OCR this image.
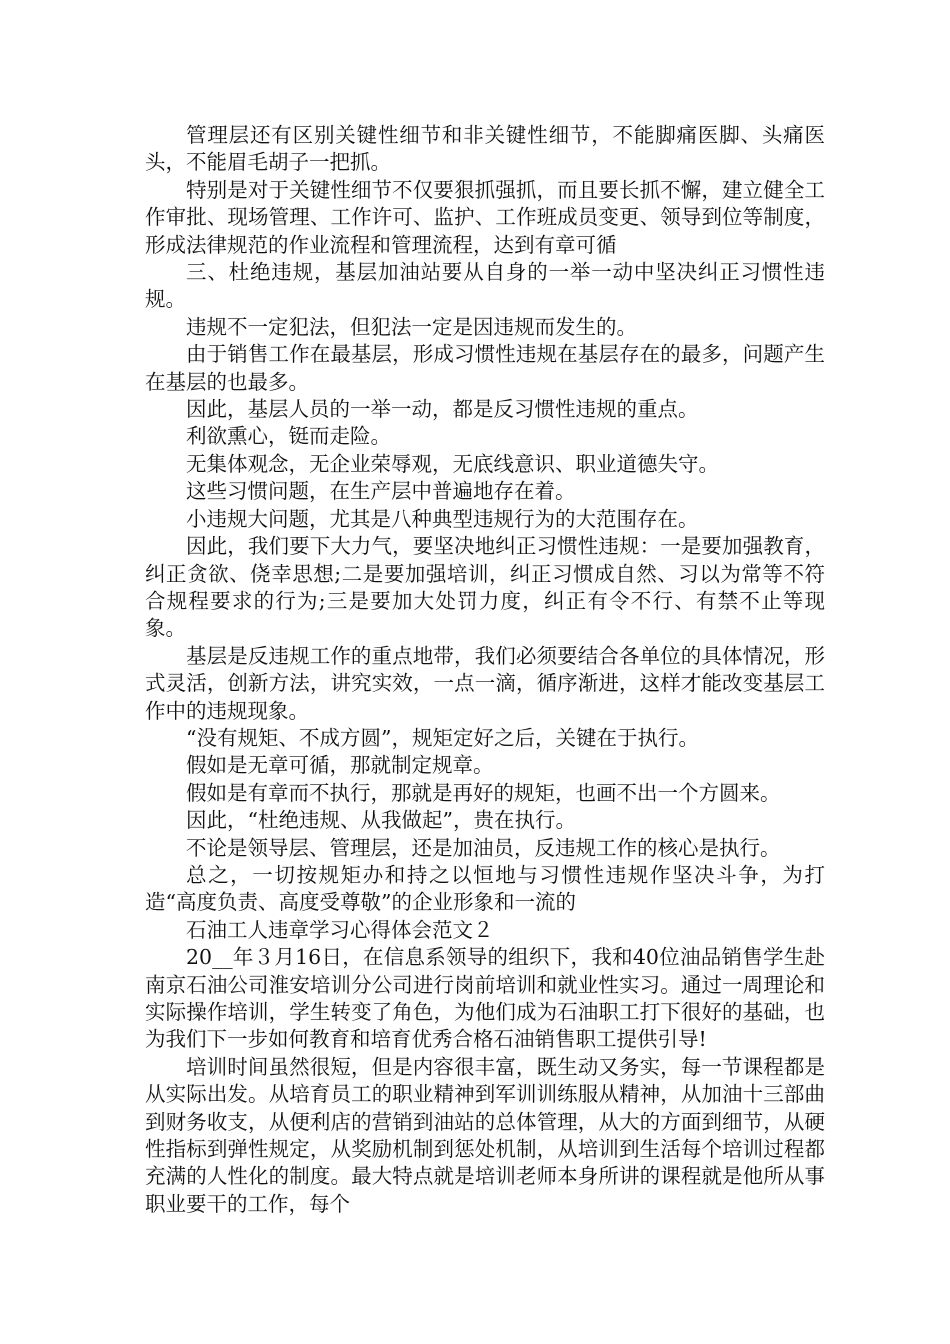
管理层还有区别关键性细节和非关键性细节，不能脚痛医脚、头痛医头，不能眉毛胡子一把抓。

特别是对于关键性细节不仅要狠抓强抓，而且要长抓不懈，建立健全工作审批、现场管理、工作许可、监护、工作班成员变更、领导到位等制度，形成法律规范的作业流程和管理流程，达到有章可循

三、杜绝违规，基层加油站要从自身的一举一动中坚决纠正习惯性违规。

违规不一定犯法，但犯法一定是因违规而发生的。

由于销售工作在最基层，形成习惯性违规在基层存在的最多，问题产生在基层的也最多。

因此，基层人员的一举一动，都是反习惯性违规的重点。

利欲熏心，铤而走险。

无集体观念，无企业荣辱观，无底线意识、职业道德失守。

这些习惯问题，在生产层中普遍地存在着。

小违规大问题，尤其是八种典型违规行为的大范围存在。

因此，我们要下大力气，要坚决地纠正习惯性违规：一是要加强教育，纠正贪欲、侥幸思想;二是要加强培训，纠正习惯成自然、习以为常等不符合规程要求的行为;三是要加大处罚力度，纠正有令不行、有禁不止等现象。

基层是反违规工作的重点地带，我们必须要结合各单位的具体情况，形式灵活，创新方法，讲究实效，一点一滴，循序渐进，这样才能改变基层工作中的违规现象。

“没有规矩、不成方圆”，规矩定好之后，关键在于执行。

假如是无章可循，那就制定规章。

假如是有章而不执行，那就是再好的规矩，也画不出一个方圆来。

因此，“杜绝违规、从我做起”，贵在执行。

不论是领导层、管理层，还是加油员，反违规工作的核心是执行。

总之，一切按规矩办和持之以恒地与习惯性违规作坚决斗争，为打造“高度负责、高度受尊敬”的企业形象和一流的

石油工人违章学习心得体会范文２

20__年３月16日，在信息系领导的组织下，我和40位油品销售学生赴南京石油公司淮安培训分公司进行岗前培训和就业性实习。通过一周理论和实际操作培训，学生转变了角色，为他们成为石油职工打下很好的基础，也为我们下一步如何教育和培育优秀合格石油销售职工提供引导!

培训时间虽然很短，但是内容很丰富，既生动又务实，每一节课程都是从实际出发。从培育员工的职业精神到军训训练服从精神，从加油十三部曲到财务收支，从便利店的营销到油站的总体管理，从大的方面到细节，从硬性指标到弹性规定，从奖励机制到惩处机制，从培训到生活每个培训过程都充满的人性化的制度。最大特点就是培训老师本身所讲的课程就是他所从事职业要干的工作，每个
